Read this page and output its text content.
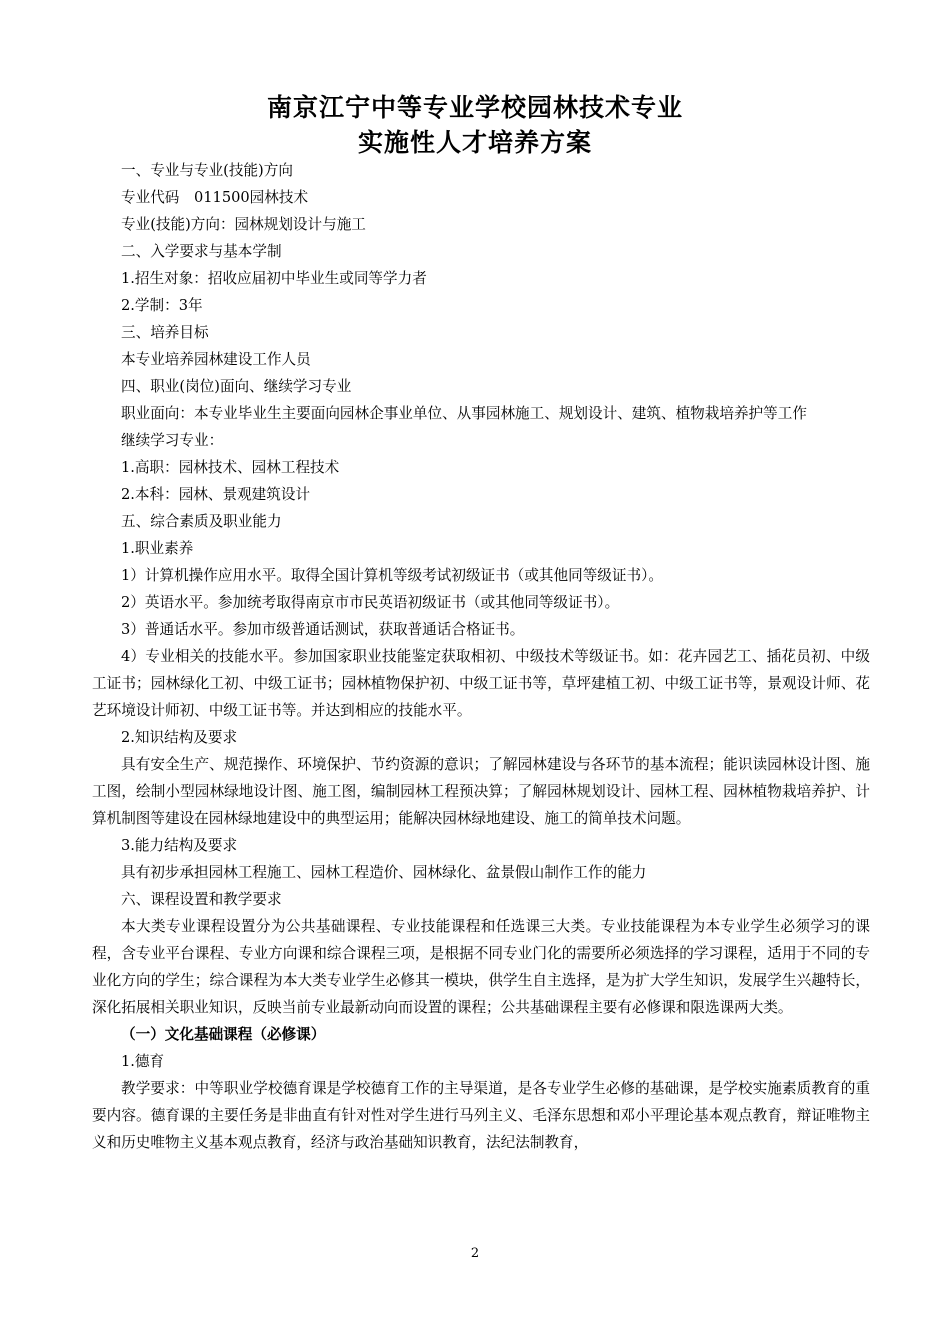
南京江宁中等专业学校园林技术专业
实施性人才培养方案

一、专业与专业(技能)方向

专业代码　011500园林技术

专业(技能)方向：园林规划设计与施工

二、入学要求与基本学制

1.招生对象：招收应届初中毕业生或同等学力者

2.学制：3年

三、培养目标

本专业培养园林建设工作人员

四、职业(岗位)面向、继续学习专业

职业面向：本专业毕业生主要面向园林企事业单位、从事园林施工、规划设计、建筑、植物栽培养护等工作

继续学习专业：

1.高职：园林技术、园林工程技术

2.本科：园林、景观建筑设计

五、综合素质及职业能力

1.职业素养

1）计算机操作应用水平。取得全国计算机等级考试初级证书（或其他同等级证书）。

2）英语水平。参加统考取得南京市市民英语初级证书（或其他同等级证书）。

3）普通话水平。参加市级普通话测试，获取普通话合格证书。

4）专业相关的技能水平。参加国家职业技能鉴定获取相初、中级技术等级证书。如：花卉园艺工、插花员初、中级工证书；园林绿化工初、中级工证书；园林植物保护初、中级工证书等，草坪建植工初、中级工证书等，景观设计师、花艺环境设计师初、中级工证书等。并达到相应的技能水平。

2.知识结构及要求

具有安全生产、规范操作、环境保护、节约资源的意识；了解园林建设与各环节的基本流程；能识读园林设计图、施工图，绘制小型园林绿地设计图、施工图，编制园林工程预决算；了解园林规划设计、园林工程、园林植物栽培养护、计算机制图等建设在园林绿地建设中的典型运用；能解决园林绿地建设、施工的简单技术问题。

3.能力结构及要求

具有初步承担园林工程施工、园林工程造价、园林绿化、盆景假山制作工作的能力

六、课程设置和教学要求

本大类专业课程设置分为公共基础课程、专业技能课程和任选课三大类。专业技能课程为本专业学生必须学习的课程，含专业平台课程、专业方向课和综合课程三项，是根据不同专业门化的需要所必须选择的学习课程，适用于不同的专业化方向的学生；综合课程为本大类专业学生必修其一模块，供学生自主选择，是为扩大学生知识，发展学生兴趣特长，深化拓展相关职业知识，反映当前专业最新动向而设置的课程；公共基础课程主要有必修课和限选课两大类。

（一）文化基础课程（必修课）

1.德育

教学要求：中等职业学校德育课是学校德育工作的主导渠道，是各专业学生必修的基础课，是学校实施素质教育的重要内容。德育课的主要任务是非曲直有针对性对学生进行马列主义、毛泽东思想和邓小平理论基本观点教育，辩证唯物主义和历史唯物主义基本观点教育，经济与政治基础知识教育，法纪法制教育，

2
